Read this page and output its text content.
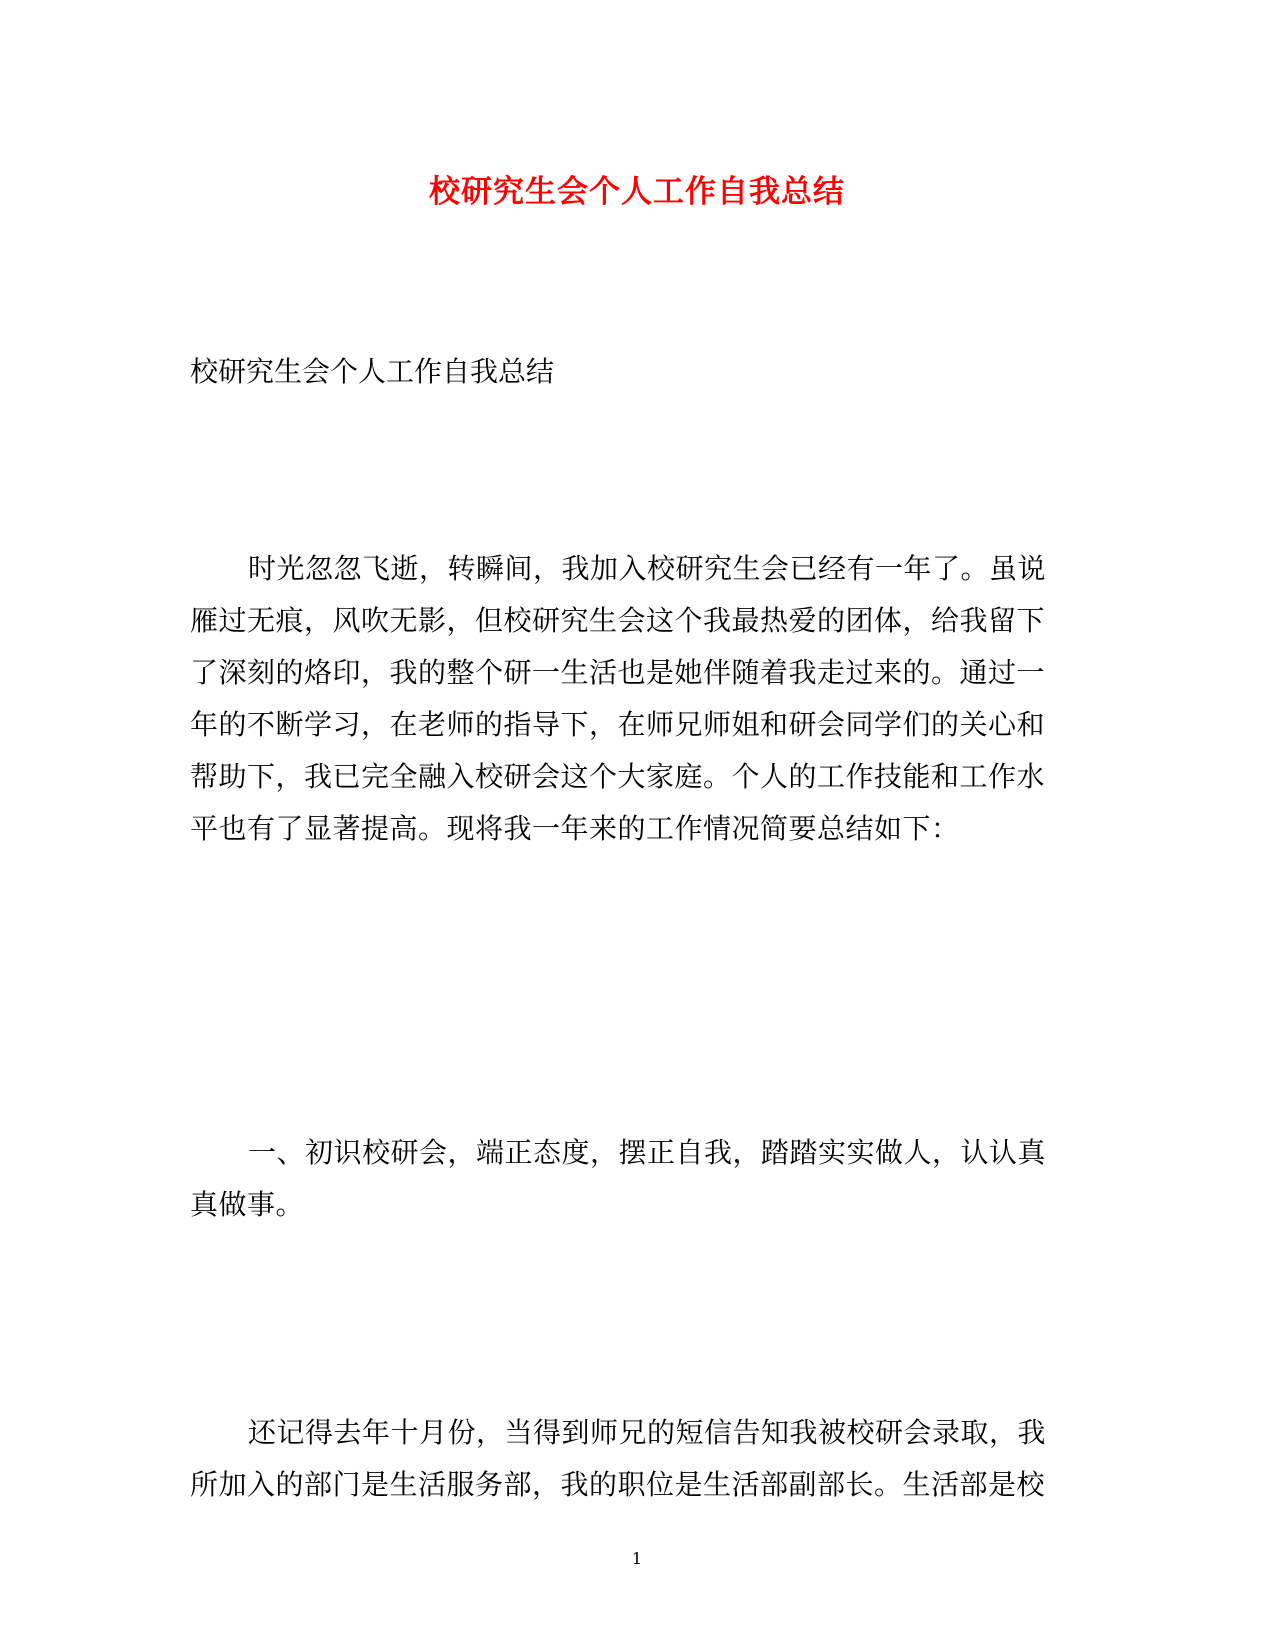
校研究生会个人工作自我总结
校研究生会个人工作自我总结
时光忽忽飞逝，转瞬间，我加入校研究生会已经有一年了。虽说
雁过无痕，风吹无影，但校研究生会这个我最热爱的团体，给我留下
了深刻的烙印，我的整个研一生活也是她伴随着我走过来的。通过一
年的不断学习，在老师的指导下，在师兄师姐和研会同学们的关心和
帮助下，我已完全融入校研会这个大家庭。个人的工作技能和工作水
平也有了显著提高。现将我一年来的工作情况简要总结如下：
一、初识校研会，端正态度，摆正自我，踏踏实实做人，认认真
真做事。
还记得去年十月份，当得到师兄的短信告知我被校研会录取，我
所加入的部门是生活服务部，我的职位是生活部副部长。生活部是校
1
